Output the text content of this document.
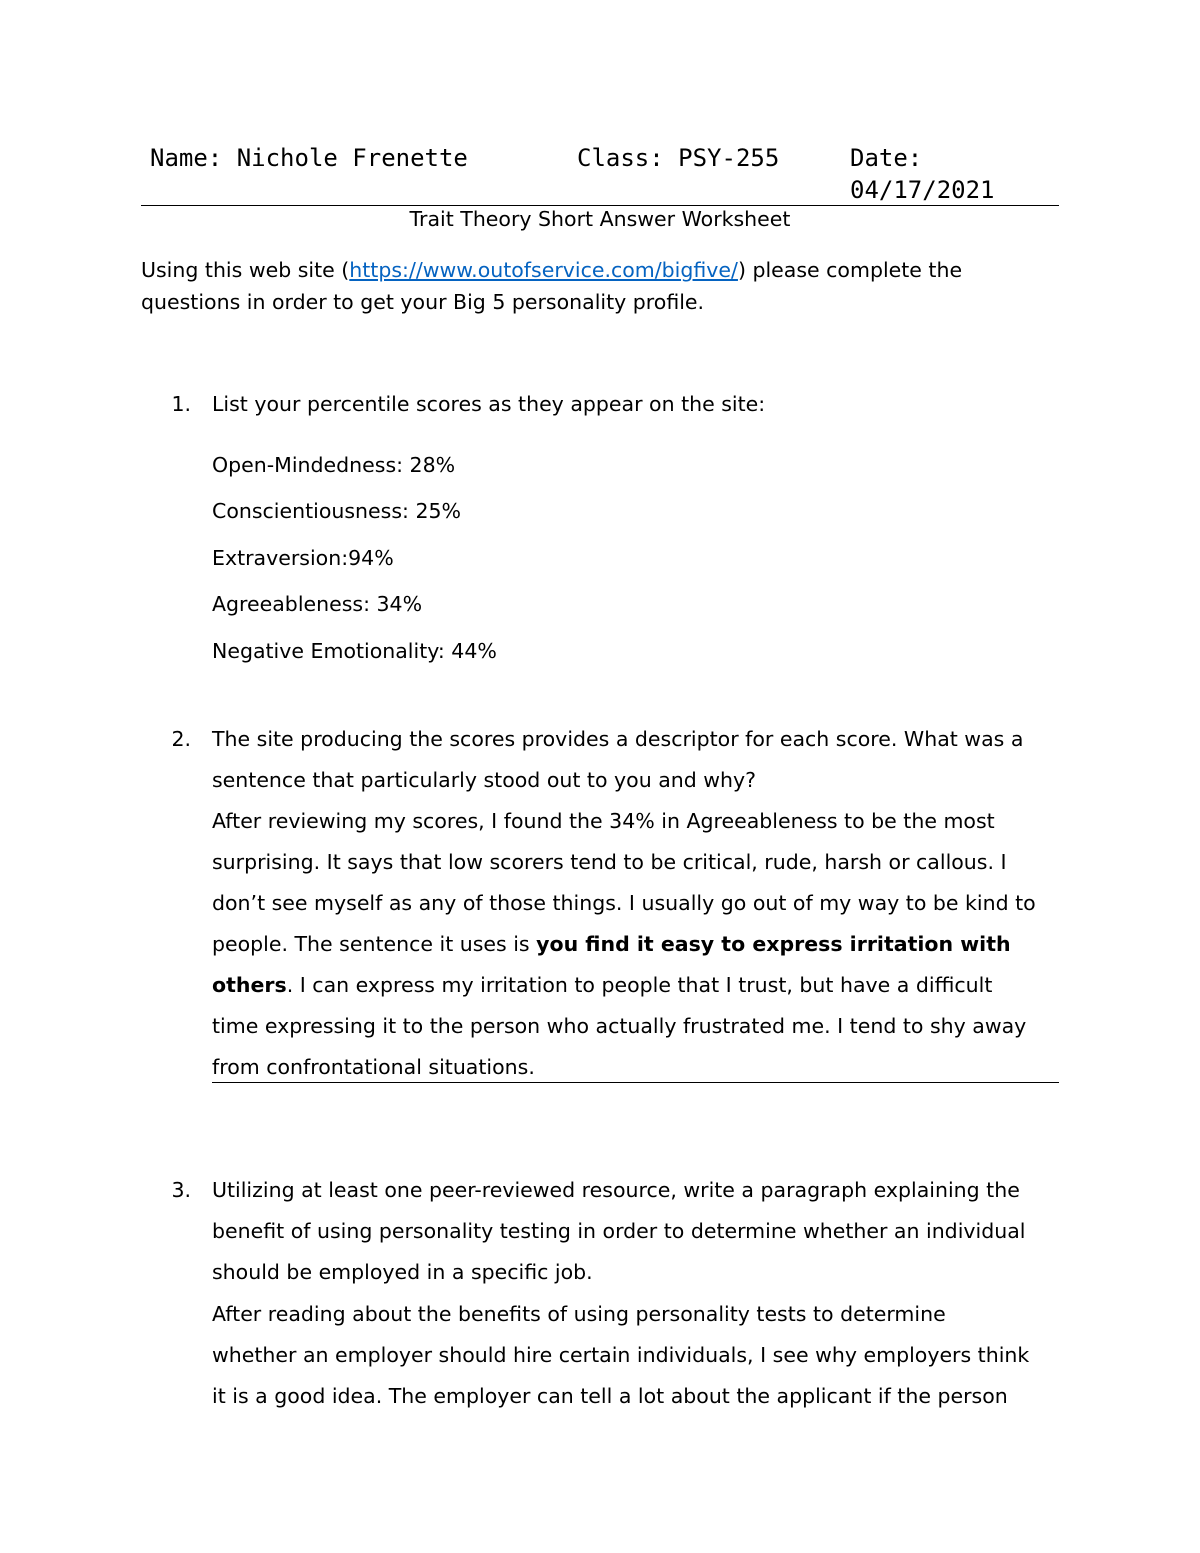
Name: Nichole Frenette	Class: PSY-255	Date:
04/17/2021
Trait Theory Short Answer Worksheet
Using this web site (https://www.outofservice.com/bigfive/) please complete the
questions in order to get your Big 5 personality profile.
1. List your percentile scores as they appear on the site:
Open-Mindedness: 28%
Conscientiousness: 25%
Extraversion:94%
Agreeableness: 34%
Negative Emotionality: 44%
2. The site producing the scores provides a descriptor for each score. What was a
sentence that particularly stood out to you and why?
After reviewing my scores, I found the 34% in Agreeableness to be the most
surprising. It says that low scorers tend to be critical, rude, harsh or callous. I
don’t see myself as any of those things. I usually go out of my way to be kind to
people. The sentence it uses is you find it easy to express irritation with
others. I can express my irritation to people that I trust, but have a difficult
time expressing it to the person who actually frustrated me. I tend to shy away
from confrontational situations.
3. Utilizing at least one peer-reviewed resource, write a paragraph explaining the
benefit of using personality testing in order to determine whether an individual
should be employed in a specific job.
After reading about the benefits of using personality tests to determine
whether an employer should hire certain individuals, I see why employers think
it is a good idea. The employer can tell a lot about the applicant if the person
